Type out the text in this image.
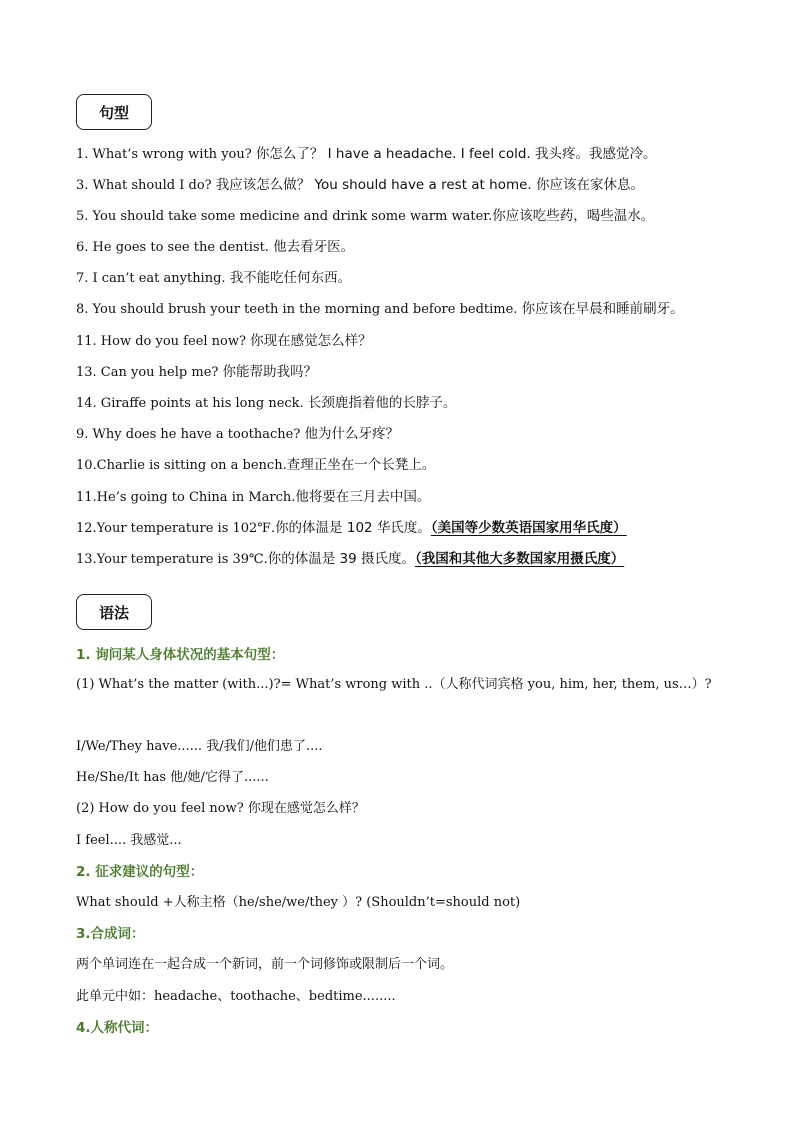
句型
1. What’s wrong with you? 你怎么了？ I have a headache. I feel cold. 我头疼。我感觉冷。
3. What should I do? 我应该怎么做？ You should have a rest at home. 你应该在家休息。
5. You should take some medicine and drink some warm water.你应该吃些药，喝些温水。
6. He goes to see the dentist. 他去看牙医。
7. I can’t eat anything. 我不能吃任何东西。
8. You should brush your teeth in the morning and before bedtime. 你应该在早晨和睡前刷牙。
11. How do you feel now? 你现在感觉怎么样？
13. Can you help me? 你能帮助我吗？
14. Giraffe points at his long neck. 长颈鹿指着他的长脖子。
9. Why does he have a toothache? 他为什么牙疼？
10.Charlie is sitting on a bench.查理正坐在一个长凳上。
11.He’s going to China in March.他将要在三月去中国。
12.Your temperature is 102℉.你的体温是 102 华氏度。（美国等少数英语国家用华氏度）
13.Your temperature is 39℃.你的体温是 39 摄氏度。（我国和其他大多数国家用摄氏度）
语法
1. 询问某人身体状况的基本句型：
(1) What’s the matter (with...)?= What’s wrong with ..（人称代词宾格 you, him, her, them, us…）?
I/We/They have...... 我/我们/他们患了....
He/She/It has 他/她/它得了......
(2) How do you feel now? 你现在感觉怎么样？
I feel.... 我感觉...
2. 征求建议的句型：
What should +人称主格（he/she/we/they ）? (Shouldn’t=should not)
3.合成词：
两个单词连在一起合成一个新词，前一个词修饰或限制后一个词。
此单元中如：headache、toothache、bedtime........
4.人称代词：
